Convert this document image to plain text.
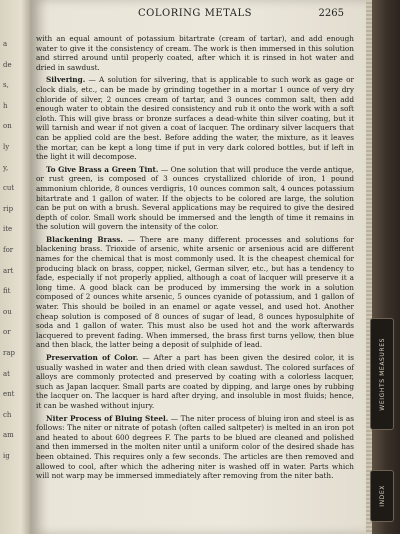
a
de
s,
h
on
ly
y,
cut
rip
ite
for
art
fit
ou
or
rap
at
ent
ch
am
ig
COLORING METALS	2265

with an equal amount of potassium bitartrate (cream of tartar), and add enough water to give it the consistency of cream. The work is then immersed in this solution and stirred around until properly coated, after which it is rinsed in hot water and dried in sawdust.

Silvering. — A solution for silvering, that is applicable to such work as gage or clock dials, etc., can be made by grinding together in a mortar 1 ounce of very dry chloride of silver, 2 ounces cream of tartar, and 3 ounces common salt, then add enough water to obtain the desired consistency and rub it onto the work with a soft cloth. This will give brass or bronze surfaces a dead-white thin silver coating, but it will tarnish and wear if not given a coat of lacquer. The ordinary silver lacquers that can be applied cold are the best. Before adding the water, the mixture, as it leaves the mortar, can be kept a long time if put in very dark colored bottles, but if left in the light it will decompose.

To Give Brass a Green Tint. — One solution that will produce the verde antique, or rust green, is composed of 3 ounces crystallized chloride of iron, 1 pound ammonium chloride, 8 ounces verdigris, 10 ounces common salt, 4 ounces potassium bitartrate and 1 gallon of water. If the objects to be colored are large, the solution can be put on with a brush. Several applications may be required to give the desired depth of color. Small work should be immersed and the length of time it remains in the solution will govern the intensity of the color.

Blackening Brass. — There are many different processes and solutions for blackening brass. Trioxide of arsenic, white arsenic or arsenious acid are different names for the chemical that is most commonly used. It is the cheapest chemical for producing black on brass, copper, nickel, German silver, etc., but has a tendency to fade, especially if not properly applied, although a coat of lacquer will preserve it a long time. A good black can be produced by immersing the work in a solution composed of 2 ounces white arsenic, 5 ounces cyanide of potassium, and 1 gallon of water. This should be boiled in an enamel or agate vessel, and used hot. Another cheap solution is composed of 8 ounces of sugar of lead, 8 ounces hyposulphite of soda and 1 gallon of water. This must also be used hot and the work afterwards lacquered to prevent fading. When immersed, the brass first turns yellow, then blue and then black, the latter being a deposit of sulphide of lead.

Preservation of Color. — After a part has been given the desired color, it is usually washed in water and then dried with clean sawdust. The colored surfaces of alloys are commonly protected and preserved by coating with a colorless lacquer, such as Japan lacquer. Small parts are coated by dipping, and large ones by rubbing the lacquer on. The lacquer is hard after drying, and insoluble in most fluids; hence, it can be washed without injury.

Niter Process of Bluing Steel. — The niter process of bluing iron and steel is as follows: The niter or nitrate of potash (often called saltpeter) is melted in an iron pot and heated to about 600 degrees F. The parts to be blued are cleaned and polished and then immersed in the molten niter until a uniform color of the desired shade has been obtained. This requires only a few seconds. The articles are then removed and allowed to cool, after which the adhering niter is washed off in water. Parts which will not warp may be immersed immediately after removing from the niter bath.

WEIGHTS MEASURES
INDEX
